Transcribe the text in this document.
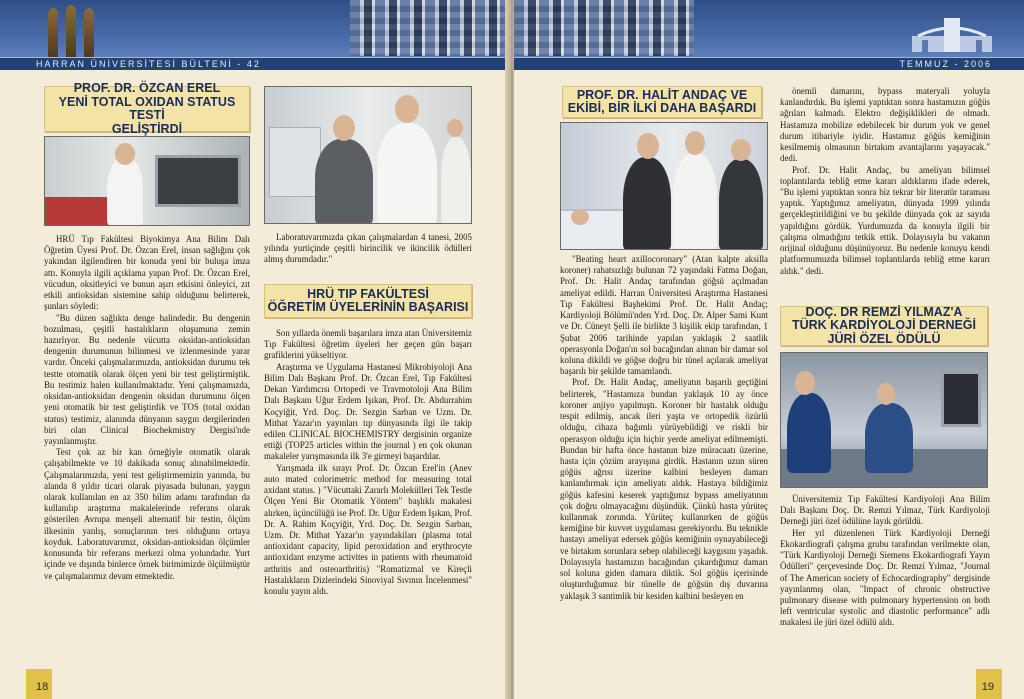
HARRAN ÜNİVERSİTESİ BÜLTENİ - 42
PROF. DR. ÖZCAN EREL
YENİ TOTAL OXIDAN STATUS TESTİ
GELİŞTİRDİ

HRÜ Tıp Fakültesi Biyokimya Ana Bilim Dalı Öğretim Üyesi Prof. Dr. Özcan Erel, insan sağlığını çok yakından ilgilendiren bir konuda yeni bir buluşa imza attı. Konuyla ilgili açıklama yapan Prof. Dr. Özcan Erel, vücudun, oksitleyici ve bunun aşırı etkisini önleyici, zıt etkili antioksidan sistemine sahip olduğunu belirterek, şunları söyledi:

"Bu düzen sağlıkta denge halindedir. Bu dengenin bozulması, çeşitli hastalıkların oluşumuna zemin hazırlıyor. Bu nedenle vücutta oksidan-antioksidan dengenin durumunun bilinmesi ve izlenmesinde yarar vardır. Önceki çalışmalarımızda, antioksidan durumu tek testte otomatik olarak ölçen yeni bir test geliştirmiştik. Bu testimiz halen kullanılmaktadır. Yeni çalışmamızda, oksidan-antioksidan dengenin oksidan durumunu ölçen yeni otomatik bir test geliştirdik ve TOS (total oxidan status) testimiz, alanında dünyanın saygın dergilerinden biri olan Clinical Biochekmistry Dergisi'nde yayınlanmıştır.

Test çok az bir kan örneğiyle otomatik olarak çalışabilmekte ve 10 dakikada sonuç alınabilmektedir. Çalışmalarımızda, yeni test geliştirmemizin yanında, bu alanda 8 yıldır ticari olarak piyasada bulunan, yaygın olarak kullanılan en az 350 bilim adamı tarafından da kullanılıp araştırma makalelerinde referans olarak gösterilen Avrupa menşeli alternatif bir testin, ölçüm ilkesinin yanlış, sonuçlarının ters olduğunu ortaya koyduk. Laboratuvarımız, oksidan-antioksidan ölçümler konusunda bir referans merkezi olma yolundadır. Yurt içinde ve dışında binlerce örnek birimimizde ölçülmüştür ve çalışmalarımız devam etmektedir.

Laboratuvarımızda çıkan çalışmalardan 4 tanesi, 2005 yılında yurtiçinde çeşitli birincilik ve ikincilik ödülleri almış durumdadır."

HRÜ TIP FAKÜLTESİ
ÖĞRETİM ÜYELERİNİN BAŞARISI

Son yıllarda önemli başarılara imza atan Üniversitemiz Tıp Fakültesi öğretim üyeleri her geçen gün başarı grafiklerini yükseltiyor.

Araştırma ve Uygulama Hastanesi Mikrobiyoloji Ana Bilim Dalı Başkanı Prof. Dr. Özcan Erel, Tıp Fakültesi Dekan Yardımcısı Ortopedi ve Travmotoloji Ana Bilim Dalı Başkanı Uğur Erdem Işıkan, Prof. Dr. Abdurrahim Koçyiğit, Yrd. Doç. Dr. Sezgin Sarban ve Uzm. Dr. Mithat Yazar'ın yayınları tıp dünyasında ilgi ile takip edilen CLINICAL BIOCHEMISTRY dergisinin organize ettiği (TOP25 articles within the journal ) en çok okunan makaleler yarışmasında ilk 3'e girmeyi başardılar.

Yarışmada ilk sırayı Prof. Dr. Özcan Erel'in (Anev auto mated colorimetric method for measuring total axidant status. ) "Vücuttaki Zararlı Molekülleri Tek Testle Ölçen Yeni Bir Otomatik Yöntem" başlıklı makalesi alırken, üçüncülüğü ise Prof. Dr. Uğur Erdem Işıkan, Prof. Dr. A. Rahim Koçyiğit, Yrd. Doç. Dr. Sezgin Sarban, Uzm. Dr. Mithat Yazar'ın yayındakiları (plasma total antioxidant capacity, lipid peroxidation and erythrocyte antioxidant enzyme activites in patients with rheumatoid arthritis and osteoarthritis) "Romatizmal ve Kireçli Hastalıkların Dizlerindeki Sinoviyal Sıvının İncelenmesi" konulu yayın aldı.

18
TEMMUZ - 2006
PROF. DR. HALİT ANDAÇ VE
EKİBİ, BİR İLKİ DAHA BAŞARDI

"Beating heart axillocoronary" (Atan kalpte aksilla koroner) rahatsızlığı bulunan 72 yaşındaki Fatma Doğan, Prof. Dr. Halit Andaç tarafından göğsü açılmadan ameliyat edildi. Harran Üniversitesi Araştırma Hastanesi Tıp Fakültesi Başhekimi Prof. Dr. Halit Andaç; Kardiyoloji Bölümü'nden Yrd. Doç. Dr. Alper Sami Kunt ve Dr. Cüneyt Şelli ile birlikte 3 kişilik ekip tarafından, 1 Şubat 2006 tarihinde yapılan yaklaşık 2 saatlik operasyonla Doğan'ın sol bacağından alınan bir damar sol koluna dikildi ve göğse doğru bir tünel açılarak ameliyat başarılı bir şekilde tamamlandı.

Prof. Dr. Halit Andaç, ameliyatın başarılı geçtiğini belirterek, "Hastamıza bundan yaklaşık 10 ay önce koroner anjiyo yapılmıştı. Koroner bir hastalık olduğu tespit edilmiş, ancak ileri yaşta ve ortopedik özürlü olduğu, cihaza bağımlı yürüyebildiği ve riskli bir operasyon olduğu için hiçbir yerde ameliyat edilmemişti. Bundan bir hafta önce hastanın bize müracaatı üzerine, hasta için çözüm arayışına girdik. Hastanın uzun süren göğüs ağrısı üzerine kalbini besleyen damarı kanlandırmak için ameliyatı aldık. Hastaya bildiğimiz göğüs kafesini keserek yaptığımız bypass ameliyatının çok doğru olmayacağını düşündük. Çünkü hasta yürüteç kullanmak zorunda. Yürüteç kullanırken de göğüs kemiğine bir kuvvet uygulaması gerekiyordu. Bu teknikle hastayı ameliyat edersek göğüs kemiğinin oynayabileceği ve birtakım sorunlara sebep olabileceği kaygısını yaşadık. Dolayısıyla hastamızın bacağından çıkardığımız damarı sol koluna giden damara diktik. Sol göğüs içerisinde oluşturduğumuz bir tünelle de göğsün dış duvarına yaklaşık 3 santimlik bir kesiden kalbini besleyen en

önemli damarını, bypass materyali yoluyla kanlandırdık. Bu işlemi yaptıktan sonra hastamızın göğüs ağrıları kalmadı. Elektro değişiklikleri de olmadı. Hastamıza mobilize edebilecek bir durum yok ve genel durum itibariyle iyidir. Hastamız göğüs kemiğinin kesilmemiş olmasının birtakım avantajlarını yaşayacak." dedi.

Prof. Dr. Halit Andaç, bu ameliyatı bilimsel toplantılarda tebliğ etme kararı aldıklarını ifade ederek, "Bu işlemi yaptıktan sonra biz tekrar bir literatür taraması yaptık. Yaptığımız ameliyatın, dünyada 1999 yılında gerçekleştirildiğini ve bu şekilde dünyada çok az sayıda yapıldığını gördük. Yurdumuzda da konuyla ilgili bir çalışma olmadığını tetkik ettik. Dolayısıyla bu vakanın orijinal olduğunu düşünüyoruz. Bu nedenle konuyu kendi platformumuzda bilimsel toplantılarda tebliğ etme kararı aldık." dedi.

DOÇ. DR REMZİ YILMAZ'A
TÜRK KARDİYOLOJİ DERNEĞİ
JÜRİ ÖZEL ÖDÜLÜ

Üniversitemiz Tıp Fakültesi Kardiyoloji Ana Bilim Dalı Başkanı Doç. Dr. Remzi Yılmaz, Türk Kardiyoloji Derneği jüri özel ödülüne layık görüldü.

Her yıl düzenlenen Türk Kardiyoloji Derneği Ekokardiografi çalışma grubu tarafından verilmekte olan, "Türk Kardiyoloji Derneği Siemens Ekokardiografi Yayın Ödülleri" çerçevesinde Doç. Dr. Remzi Yılmaz, "Journal of The American society of Echocardiography" dergisinde yayınlanmış olan, "Impact of chronic obstructive pulmonary disease with pulmonary hypertension on both left ventricular systolic and diastolic performance" adlı makalesi ile jüri özel ödülü aldı.

19
